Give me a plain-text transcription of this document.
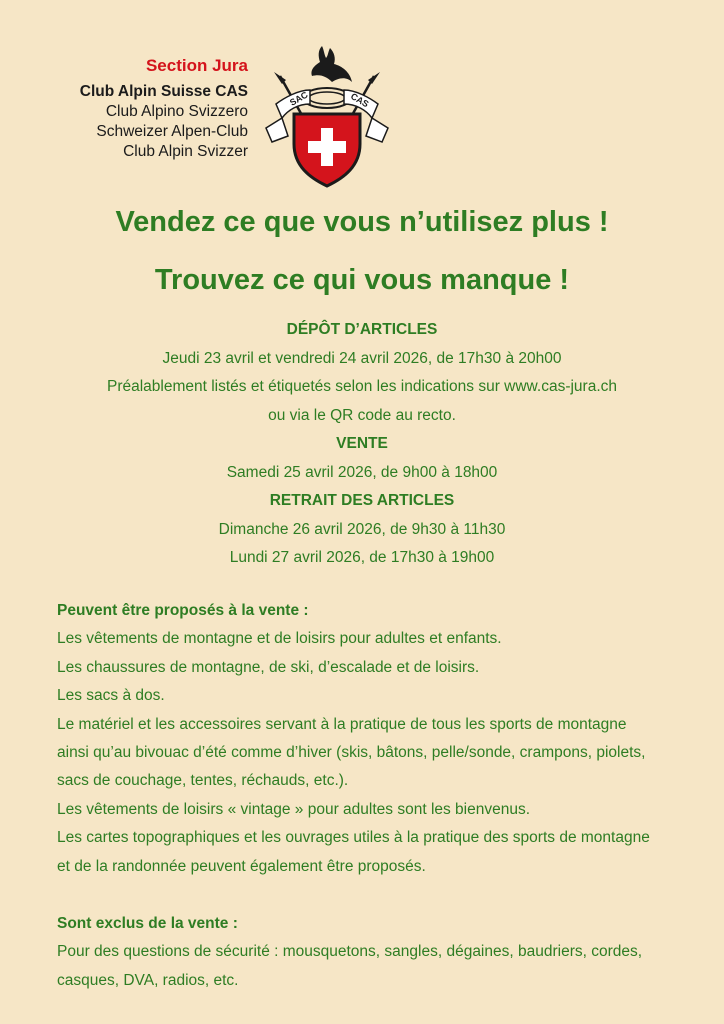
Section Jura
Club Alpin Suisse CAS
Club Alpino Svizzero
Schweizer Alpen-Club
Club Alpin Svizzer
SAC	CAS
Vendez ce que vous n’utilisez plus !
Trouvez ce qui vous manque !
DÉPÔT D’ARTICLES
Jeudi 23 avril et vendredi 24 avril 2026, de 17h30 à 20h00
Préalablement listés et étiquetés selon les indications sur www.cas-jura.ch
ou via le QR code au recto.
VENTE
Samedi 25 avril 2026, de 9h00 à 18h00
RETRAIT DES ARTICLES
Dimanche 26 avril 2026, de 9h30 à 11h30
Lundi 27 avril 2026, de 17h30 à 19h00
Peuvent être proposés à la vente :
Les vêtements de montagne et de loisirs pour adultes et enfants.
Les chaussures de montagne, de ski, d’escalade et de loisirs.
Les sacs à dos.
Le matériel et les accessoires servant à la pratique de tous les sports de montagne
ainsi qu’au bivouac d’été comme d’hiver (skis, bâtons, pelle/sonde, crampons, piolets,
sacs de couchage, tentes, réchauds, etc.).
Les vêtements de loisirs « vintage » pour adultes sont les bienvenus.
Les cartes topographiques et les ouvrages utiles à la pratique des sports de montagne
et de la randonnée peuvent également être proposés.
Sont exclus de la vente :
Pour des questions de sécurité : mousquetons, sangles, dégaines, baudriers, cordes,
casques, DVA, radios, etc.
